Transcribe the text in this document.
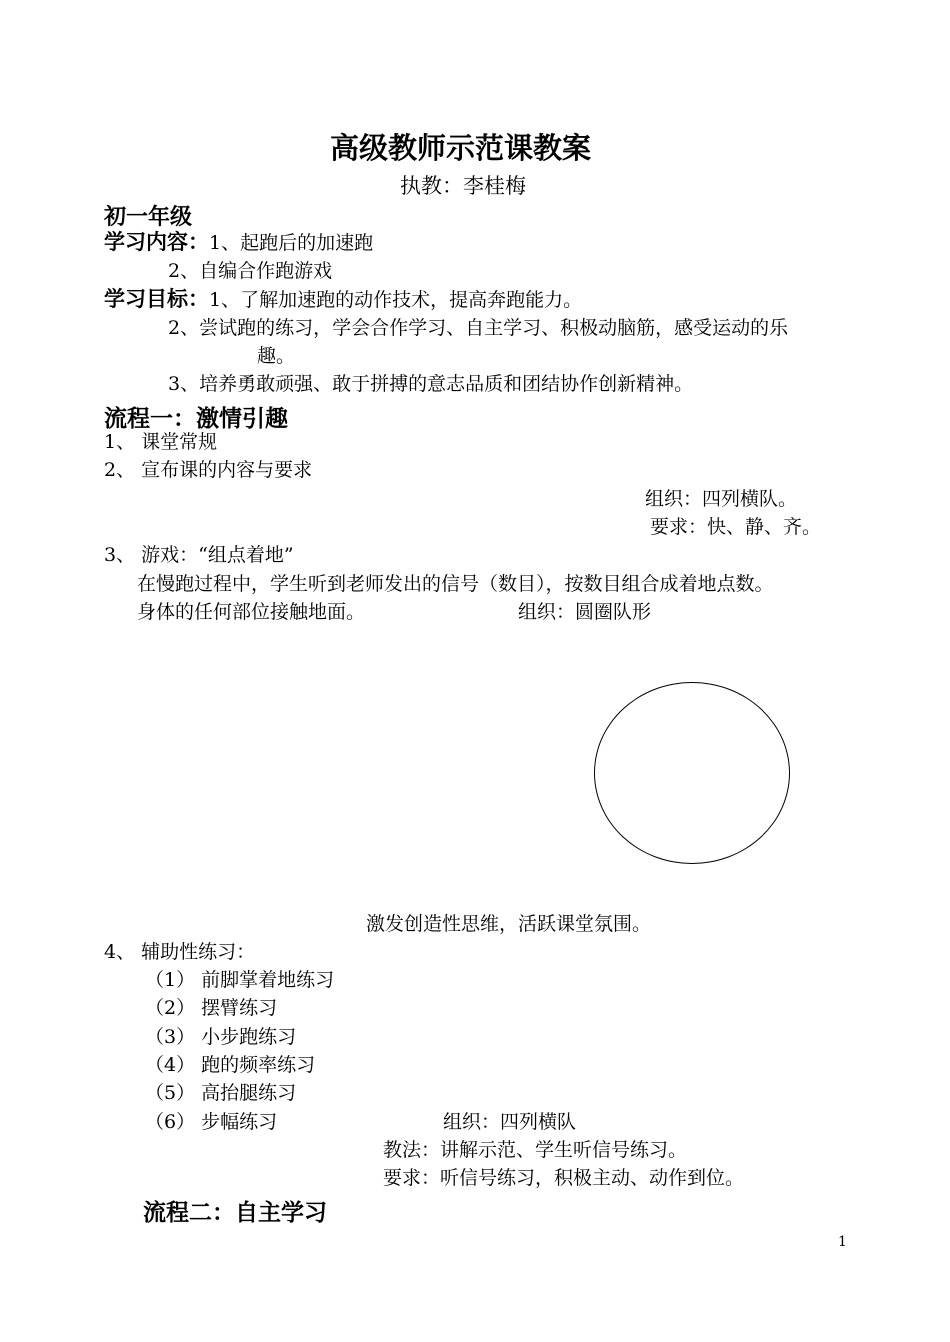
高级教师示范课教案
执教：李桂梅
初一年级
学习内容：1、起跑后的加速跑
2、自编合作跑游戏
学习目标：1、了解加速跑的动作技术，提高奔跑能力。
2、尝试跑的练习，学会合作学习、自主学习、积极动脑筋，感受运动的乐
趣。
3、培养勇敢顽强、敢于拼搏的意志品质和团结协作创新精神。
流程一：激情引趣
1、 课堂常规
2、 宣布课的内容与要求
组织：四列横队。
要求：快、静、齐。
3、 游戏：“组点着地”
在慢跑过程中，学生听到老师发出的信号（数目），按数目组合成着地点数。
身体的任何部位接触地面。	组织：圆圈队形
激发创造性思维，活跃课堂氛围。
4、 辅助性练习：
（1） 前脚掌着地练习
（2） 摆臂练习
（3） 小步跑练习
（4） 跑的频率练习
（5） 高抬腿练习
（6） 步幅练习	组织：四列横队
教法：讲解示范、学生听信号练习。
要求：听信号练习，积极主动、动作到位。
流程二：自主学习
1
